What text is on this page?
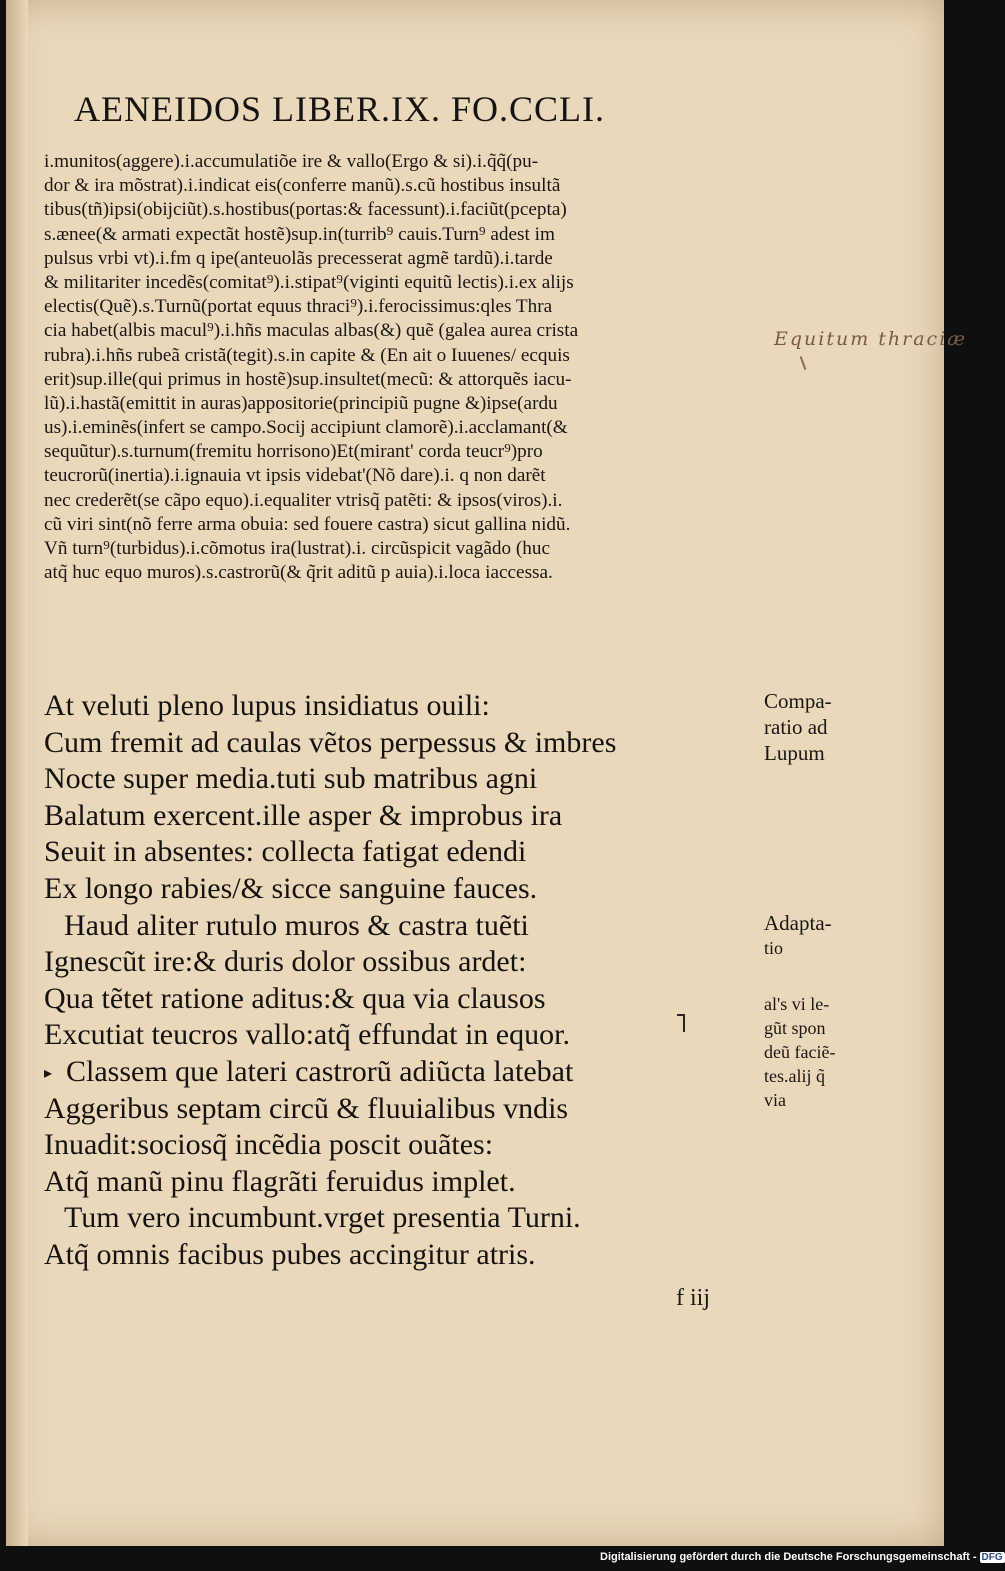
AENEIDOS LIBER.IX. FO.CCLI.
i.munitos(aggere).i.accumulatiõe ire & vallo(Ergo & si).i.q̃q̃(pu-
dor & ira mõstrat).i.indicat eis(conferre manũ).s.cũ hostibus insultã
tibus(tñ)ipsi(obijciũt).s.hostibus(portas:& facessunt).i.faciũt(pcepta)
s.ænee(& armati expectãt hostẽ)sup.in(turrib⁹ cauis.Turn⁹ adest im
pulsus vrbi vt).i.fm q ipe(anteuolãs precesserat agmẽ tardũ).i.tarde
& militariter incedẽs(comitat⁹).i.stipat⁹(viginti equitũ lectis).i.ex alijs
electis(Quẽ).s.Turnũ(portat equus thraci⁹).i.ferocissimus:qles Thra
cia habet(albis macul⁹).i.hñs maculas albas(&) quẽ (galea aurea crista
rubra).i.hñs rubeã cristã(tegit).s.in capite & (En ait o Iuuenes/ ecquis
erit)sup.ille(qui primus in hostẽ)sup.insultet(mecũ: & attorquẽs iacu-
lũ).i.hastã(emittit in auras)appositorie(principiũ pugne &)ipse(ardu
us).i.eminẽs(infert se campo.Socij accipiunt clamorẽ).i.acclamant(&
sequũtur).s.turnum(fremitu horrisono)Et(mirant' corda teucr⁹)pro
teucrorũ(inertia).i.ignauia vt ipsis videbat'(Nõ dare).i. q non darẽt
nec crederẽt(se cãpo equo).i.equaliter vtrisq̃ patẽti: & ipsos(viros).i.
cũ viri sint(nõ ferre arma obuia: sed fouere castra) sicut gallina nidũ.
Vñ turn⁹(turbidus).i.cõmotus ira(lustrat).i. circũspicit vagãdo (huc
atq̃ huc equo muros).s.castrorũ(& q̃rit aditũ p auia).i.loca iaccessa.
Equitum thraciæ
At veluti pleno lupus insidiatus ouili:
Cum fremit ad caulas vẽtos perpessus & imbres
Nocte super media.tuti sub matribus agni
Balatum exercent.ille asper & improbus ira
Seuit in absentes: collecta fatigat edendi
Ex longo rabies/& sicce sanguine fauces.
Haud aliter rutulo muros & castra tuẽti
Ignescũt ire:& duris dolor ossibus ardet:
Qua tẽtet ratione aditus:& qua via clausos
Excutiat teucros vallo:atq̃ effundat in equor.
▸ Classem que lateri castrorũ adiũcta latebat
Aggeribus septam circũ & fluuialibus vndis
Inuadit:sociosq̃ incẽdia poscit ouãtes:
Atq̃ manũ pinu flagrãti feruidus implet.
Tum vero incumbunt.vrget presentia Turni.
Atq̃ omnis facibus pubes accingitur atris.
Compa-
ratio ad
Lupum
Adapta-
tio
al's vi le-
gũt spon
deũ faciẽ-
tes.alij q̃
via
f iij
Digitalisierung gefördert durch die Deutsche Forschungsgemeinschaft - DFG
